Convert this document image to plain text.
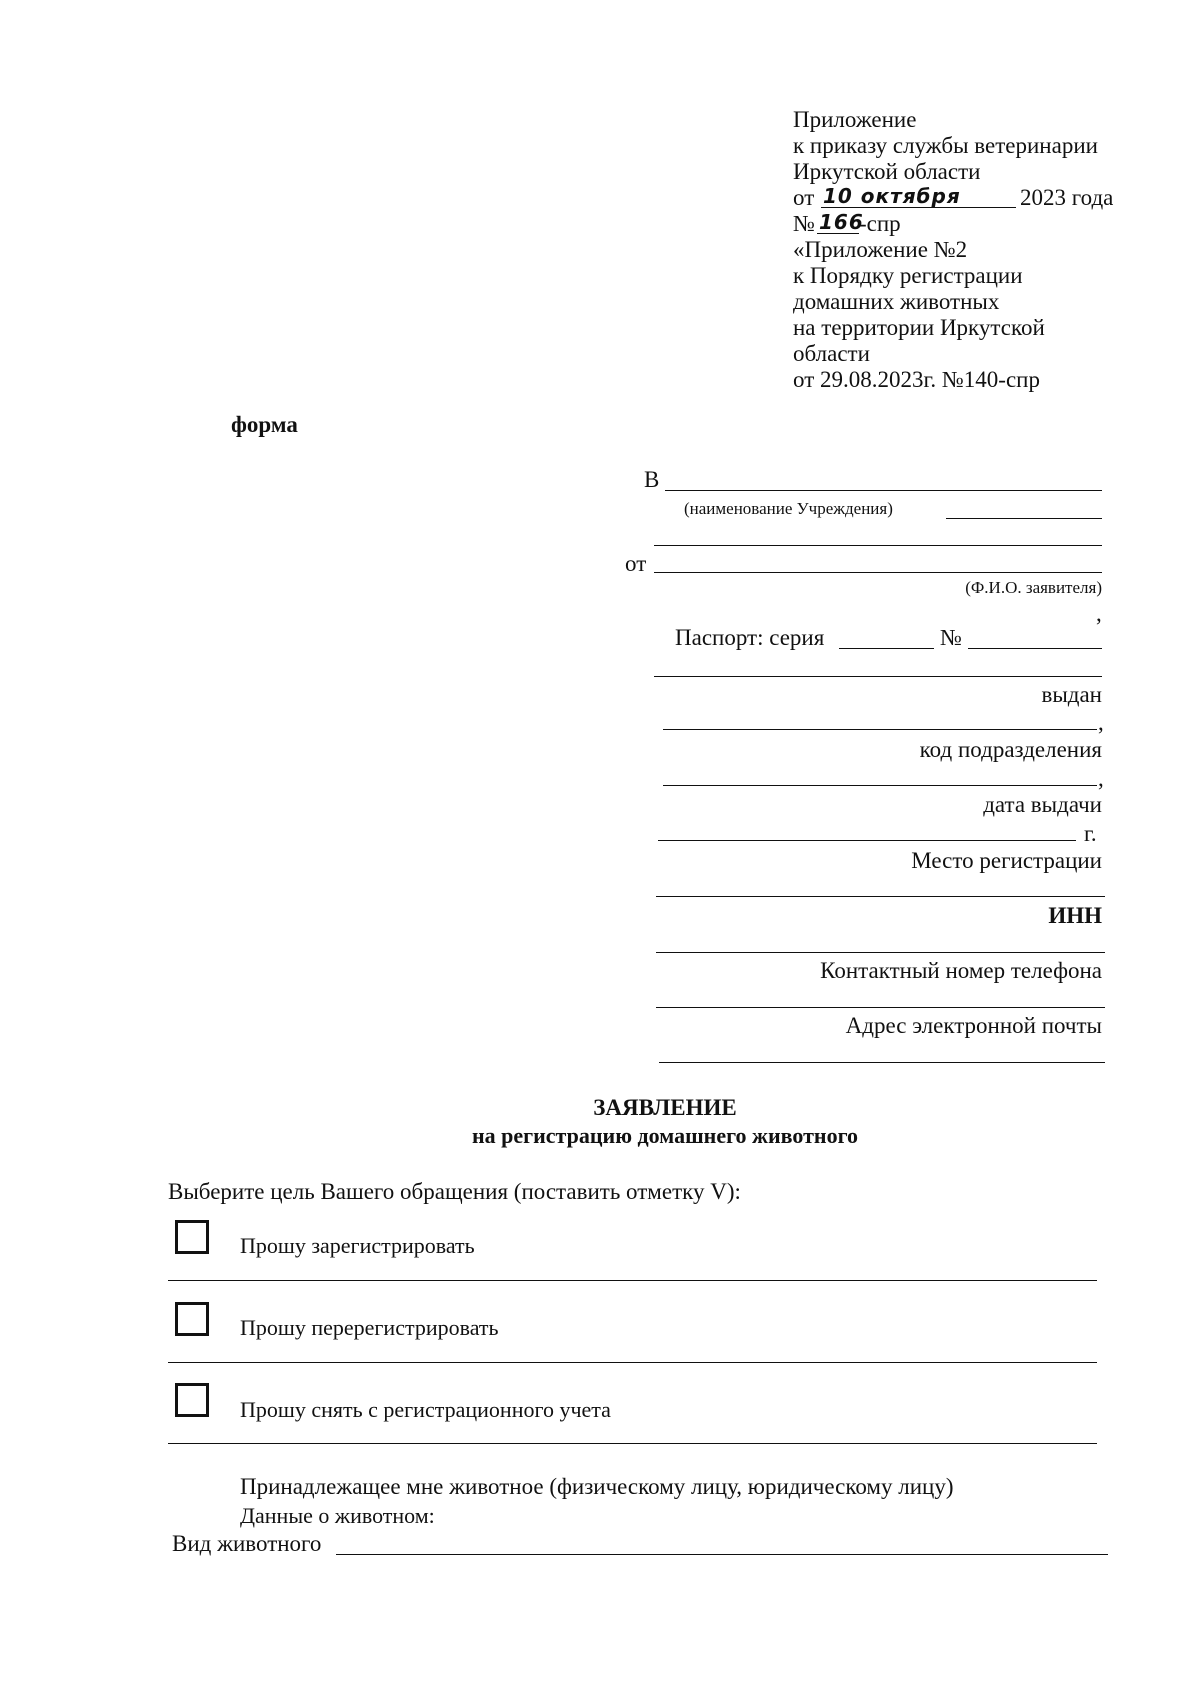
Приложение
к приказу службы ветеринарии
Иркутской области
от 10 октября	2023 года
№ 166
-спр
«Приложение №2
к Порядку регистрации
домашних животных
на территории Иркутской
области
от 29.08.2023г. №140-спр
форма
В
(наименование Учреждения)
от
(Ф.И.О. заявителя)
,
Паспорт: серия	№
выдан
,
код подразделения
,
дата выдачи
г.
Место регистрации
ИНН
Контактный номер телефона
Адрес электронной почты
ЗАЯВЛЕНИЕ
на регистрацию домашнего животного
Выберите цель Вашего обращения (поставить отметку V):
Прошу зарегистрировать
Прошу перерегистрировать
Прошу снять с регистрационного учета
Принадлежащее мне животное (физическому лицу, юридическому лицу)
Данные о животном:
Вид животного
